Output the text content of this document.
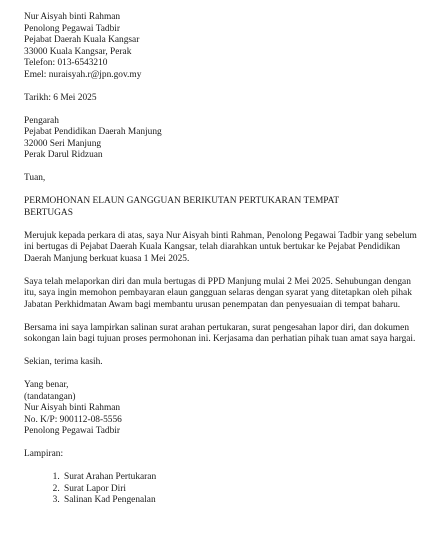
Nur Aisyah binti Rahman
Penolong Pegawai Tadbir
Pejabat Daerah Kuala Kangsar
33000 Kuala Kangsar, Perak
Telefon: 013-6543210
Emel: nuraisyah.r@jpn.gov.my
Tarikh: 6 Mei 2025
Pengarah
Pejabat Pendidikan Daerah Manjung
32000 Seri Manjung
Perak Darul Ridzuan
Tuan,
PERMOHONAN ELAUN GANGGUAN BERIKUTAN PERTUKARAN TEMPAT
BERTUGAS
Merujuk kepada perkara di atas, saya Nur Aisyah binti Rahman, Penolong Pegawai Tadbir yang sebelum ini bertugas di Pejabat Daerah Kuala Kangsar, telah diarahkan untuk bertukar ke Pejabat Pendidikan Daerah Manjung berkuat kuasa 1 Mei 2025.
Saya telah melaporkan diri dan mula bertugas di PPD Manjung mulai 2 Mei 2025. Sehubungan dengan itu, saya ingin memohon pembayaran elaun gangguan selaras dengan syarat yang ditetapkan oleh pihak Jabatan Perkhidmatan Awam bagi membantu urusan penempatan dan penyesuaian di tempat baharu.
Bersama ini saya lampirkan salinan surat arahan pertukaran, surat pengesahan lapor diri, dan dokumen sokongan lain bagi tujuan proses permohonan ini. Kerjasama dan perhatian pihak tuan amat saya hargai.
Sekian, terima kasih.
Yang benar,
(tandatangan)
Nur Aisyah binti Rahman
No. K/P: 900112-08-5556
Penolong Pegawai Tadbir
Lampiran:
1. Surat Arahan Pertukaran
2. Surat Lapor Diri
3. Salinan Kad Pengenalan
